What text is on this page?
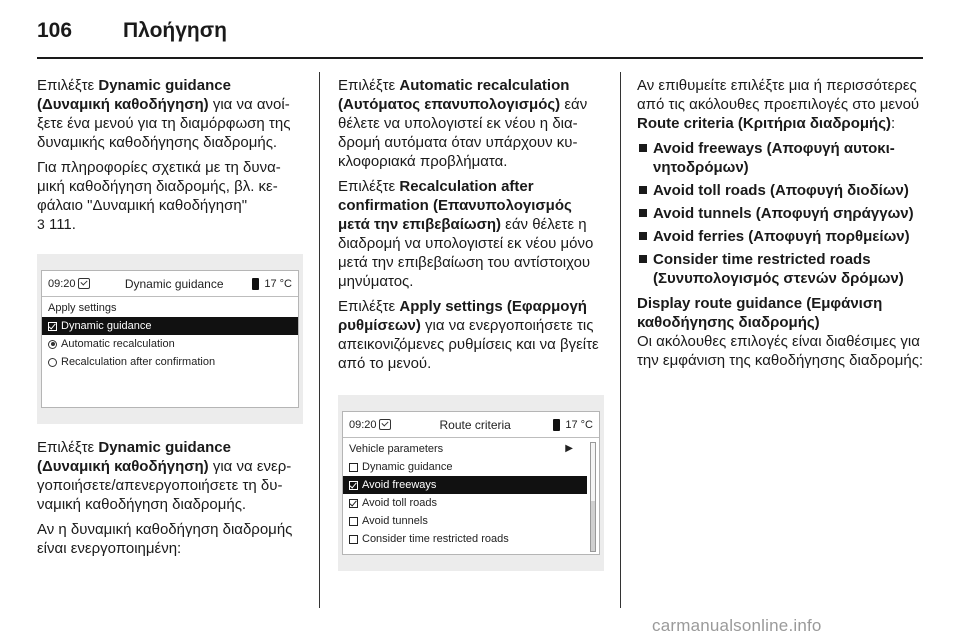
106	Πλοήγηση

Επιλέξτε Dynamic guidance (Δυναμική καθοδήγηση) για να ανοίξετε ένα μενού για τη διαμόρφωση της δυναμικής καθοδήγησης διαδρομής.

Για πληροφορίες σχετικά με τη δυναμική καθοδήγηση διαδρομής, βλ. κεφάλαιο "Δυναμική καθοδήγηση"
3 111.

09:20	Dynamic guidance	17 °C
Apply settings
Dynamic guidance
Automatic recalculation
Recalculation after confirmation

Επιλέξτε Dynamic guidance (Δυναμική καθοδήγηση) για να ενεργοποιήσετε/απενεργοποιήσετε τη δυναμική καθοδήγηση διαδρομής.

Αν η δυναμική καθοδήγηση διαδρομής είναι ενεργοποιημένη:

Επιλέξτε Automatic recalculation (Αυτόματος επανυπολογισμός) εάν θέλετε να υπολογιστεί εκ νέου η διαδρομή αυτόματα όταν υπάρχουν κυκλοφοριακά προβλήματα.

Επιλέξτε Recalculation after confirmation (Επανυπολογισμός μετά την επιβεβαίωση) εάν θέλετε η διαδρομή να υπολογιστεί εκ νέου μόνο μετά την επιβεβαίωση του αντίστοιχου μηνύματος.

Επιλέξτε Apply settings (Εφαρμογή ρυθμίσεων) για να ενεργοποιήσετε τις απεικονιζόμενες ρυθμίσεις και να βγείτε από το μενού.

09:20	Route criteria	17 °C
Vehicle parameters	▶
Dynamic guidance
Avoid freeways
Avoid toll roads
Avoid tunnels
Consider time restricted roads

Αν επιθυμείτε επιλέξτε μια ή περισσότερες από τις ακόλουθες προεπιλογές στο μενού Route criteria (Κριτήρια διαδρομής):

Avoid freeways (Αποφυγή αυτοκινητοδρόμων)
Avoid toll roads (Αποφυγή διοδίων)
Avoid tunnels (Αποφυγή σηράγγων)
Avoid ferries (Αποφυγή πορθμείων)
Consider time restricted roads (Συνυπολογισμός στενών δρόμων)

Display route guidance (Εμφάνιση καθοδήγησης διαδρομής)

Οι ακόλουθες επιλογές είναι διαθέσιμες για την εμφάνιση της καθοδήγησης διαδρομής:

carmanualsonline.info
